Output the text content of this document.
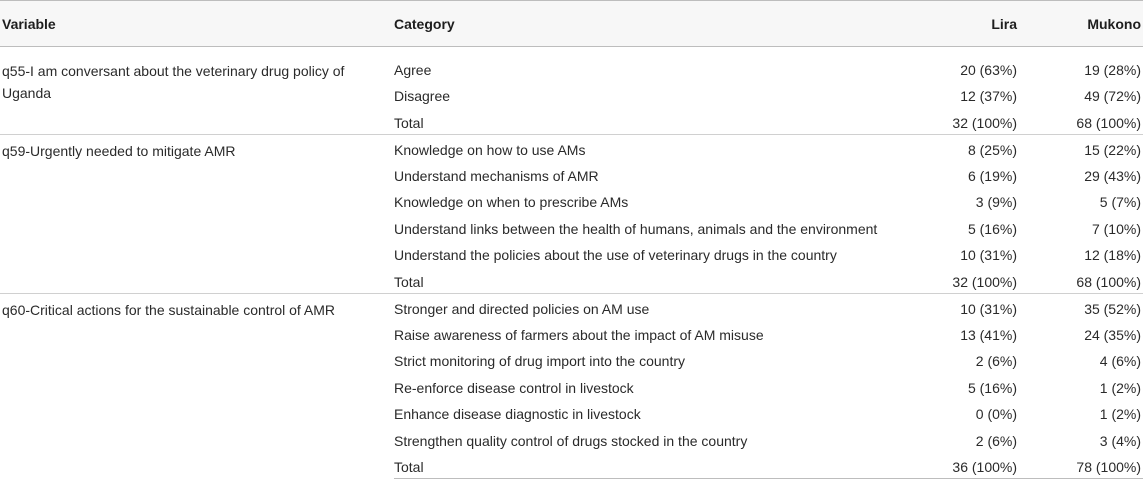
Variable	Category	Lira	Mukono
q55-I am conversant about the veterinary drug policy of Uganda	Agree	20 (63%)	19 (28%)
	Disagree	12 (37%)	49 (72%)
	Total	32 (100%)	68 (100%)
q59-Urgently needed to mitigate AMR	Knowledge on how to use AMs	8 (25%)	15 (22%)
	Understand mechanisms of AMR	6 (19%)	29 (43%)
	Knowledge on when to prescribe AMs	3 (9%)	5 (7%)
	Understand links between the health of humans, animals and the environment	5 (16%)	7 (10%)
	Understand the policies about the use of veterinary drugs in the country	10 (31%)	12 (18%)
	Total	32 (100%)	68 (100%)
q60-Critical actions for the sustainable control of AMR	Stronger and directed policies on AM use	10 (31%)	35 (52%)
	Raise awareness of farmers about the impact of AM misuse	13 (41%)	24 (35%)
	Strict monitoring of drug import into the country	2 (6%)	4 (6%)
	Re-enforce disease control in livestock	5 (16%)	1 (2%)
	Enhance disease diagnostic in livestock	0 (0%)	1 (2%)
	Strengthen quality control of drugs stocked in the country	2 (6%)	3 (4%)
	Total	36 (100%)	78 (100%)
